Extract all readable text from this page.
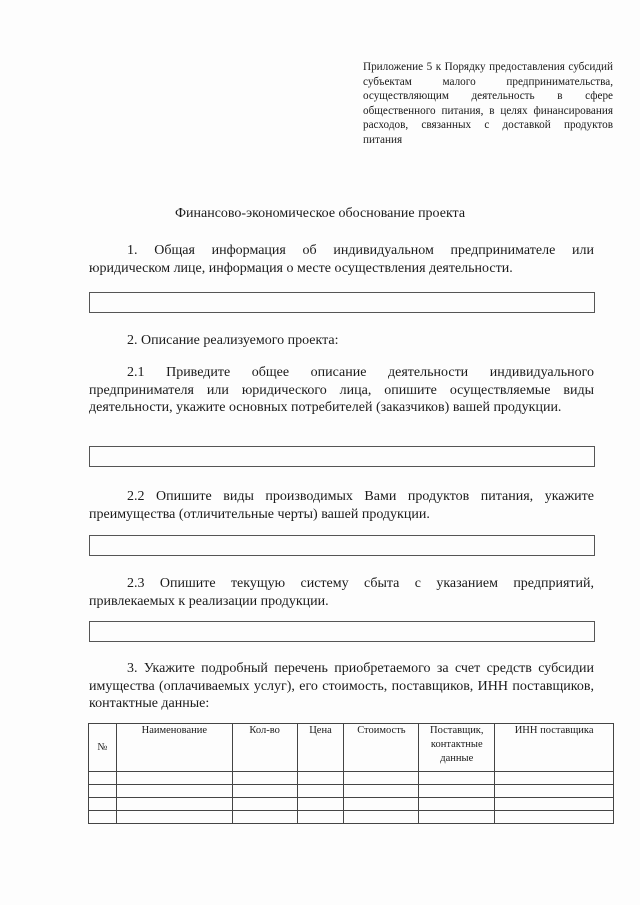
Приложение 5 к Порядку предоставления субсидий субъектам малого предпринимательства, осуществляющим деятельность в сфере общественного питания, в целях финансирования расходов, связанных с доставкой продуктов питания
Финансово-экономическое обоснование проекта
1. Общая информация об индивидуальном предпринимателе или юридическом лице, информация о месте осуществления деятельности.
2. Описание реализуемого проекта:
2.1 Приведите общее описание деятельности индивидуального предпринимателя или юридического лица, опишите осуществляемые виды деятельности, укажите основных потребителей (заказчиков) вашей продукции.
2.2 Опишите виды производимых Вами продуктов питания, укажите преимущества (отличительные черты) вашей продукции.
2.3 Опишите текущую систему сбыта с указанием предприятий, привлекаемых к реализации продукции.
3. Укажите подробный перечень приобретаемого за счет средств субсидии имущества (оплачиваемых услуг), его стоимость, поставщиков, ИНН поставщиков, контактные данные:
№	Наименование	Кол-во	Цена	Стоимость	Поставщик, контактные данные	ИНН поставщика
